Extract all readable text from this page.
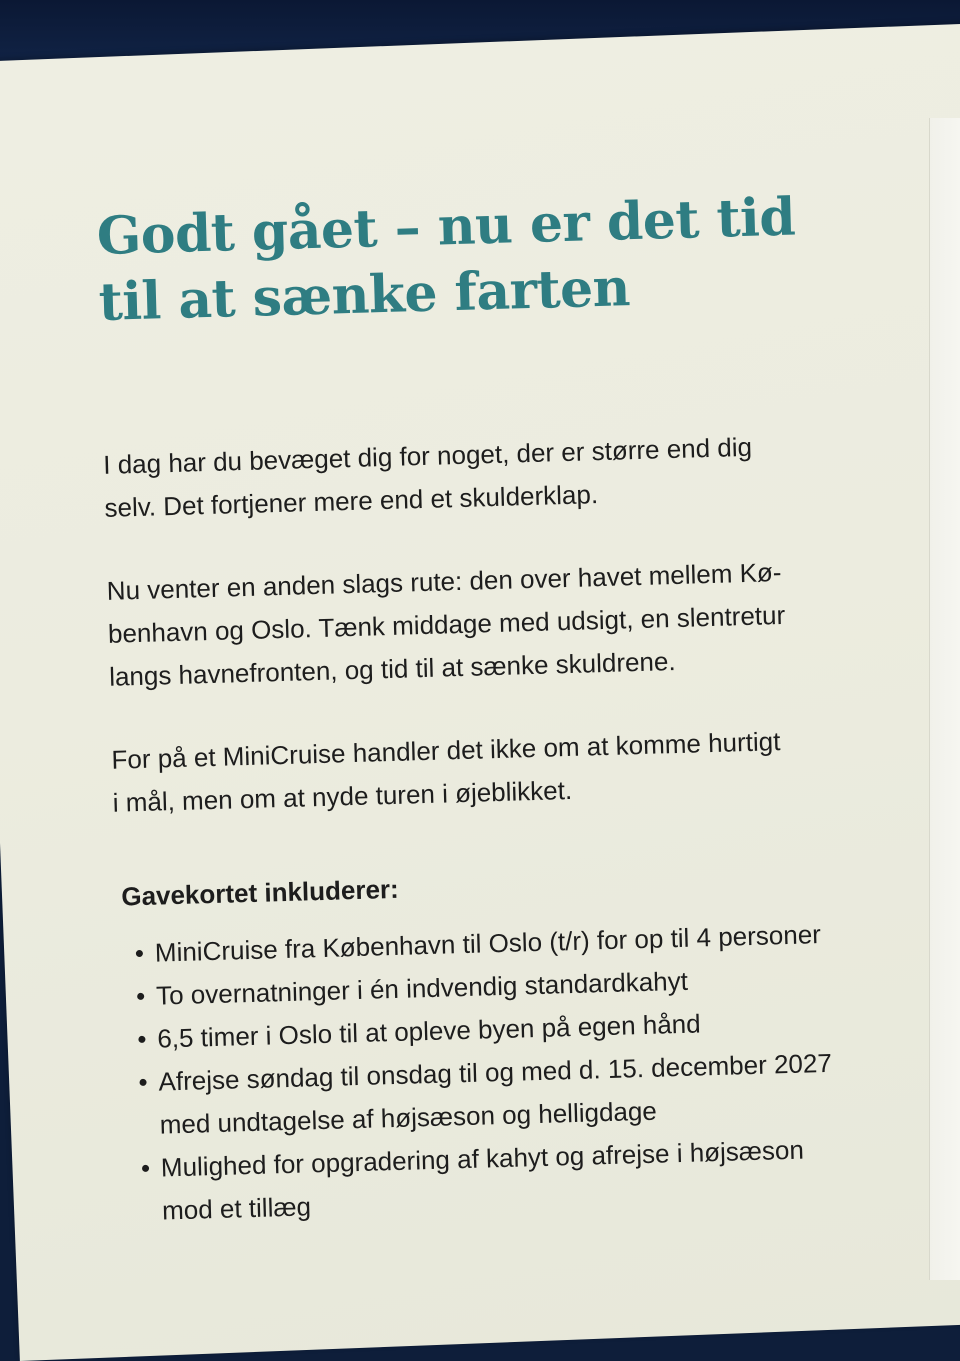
Godt gået – nu er det tid
til at sænke farten

I dag har du bevæget dig for noget, der er større end dig
selv. Det fortjener mere end et skulderklap.

Nu venter en anden slags rute: den over havet mellem Kø-
benhavn og Oslo. Tænk middage med udsigt, en slentretur
langs havnefronten, og tid til at sænke skuldrene.

For på et MiniCruise handler det ikke om at komme hurtigt
i mål, men om at nyde turen i øjeblikket.

Gavekortet inkluderer:
• MiniCruise fra København til Oslo (t/r) for op til 4 personer
• To overnatninger i én indvendig standardkahyt
• 6,5 timer i Oslo til at opleve byen på egen hånd
• Afrejse søndag til onsdag til og med d. 15. december 2027
med undtagelse af højsæson og helligdage
• Mulighed for opgradering af kahyt og afrejse i højsæson
mod et tillæg
